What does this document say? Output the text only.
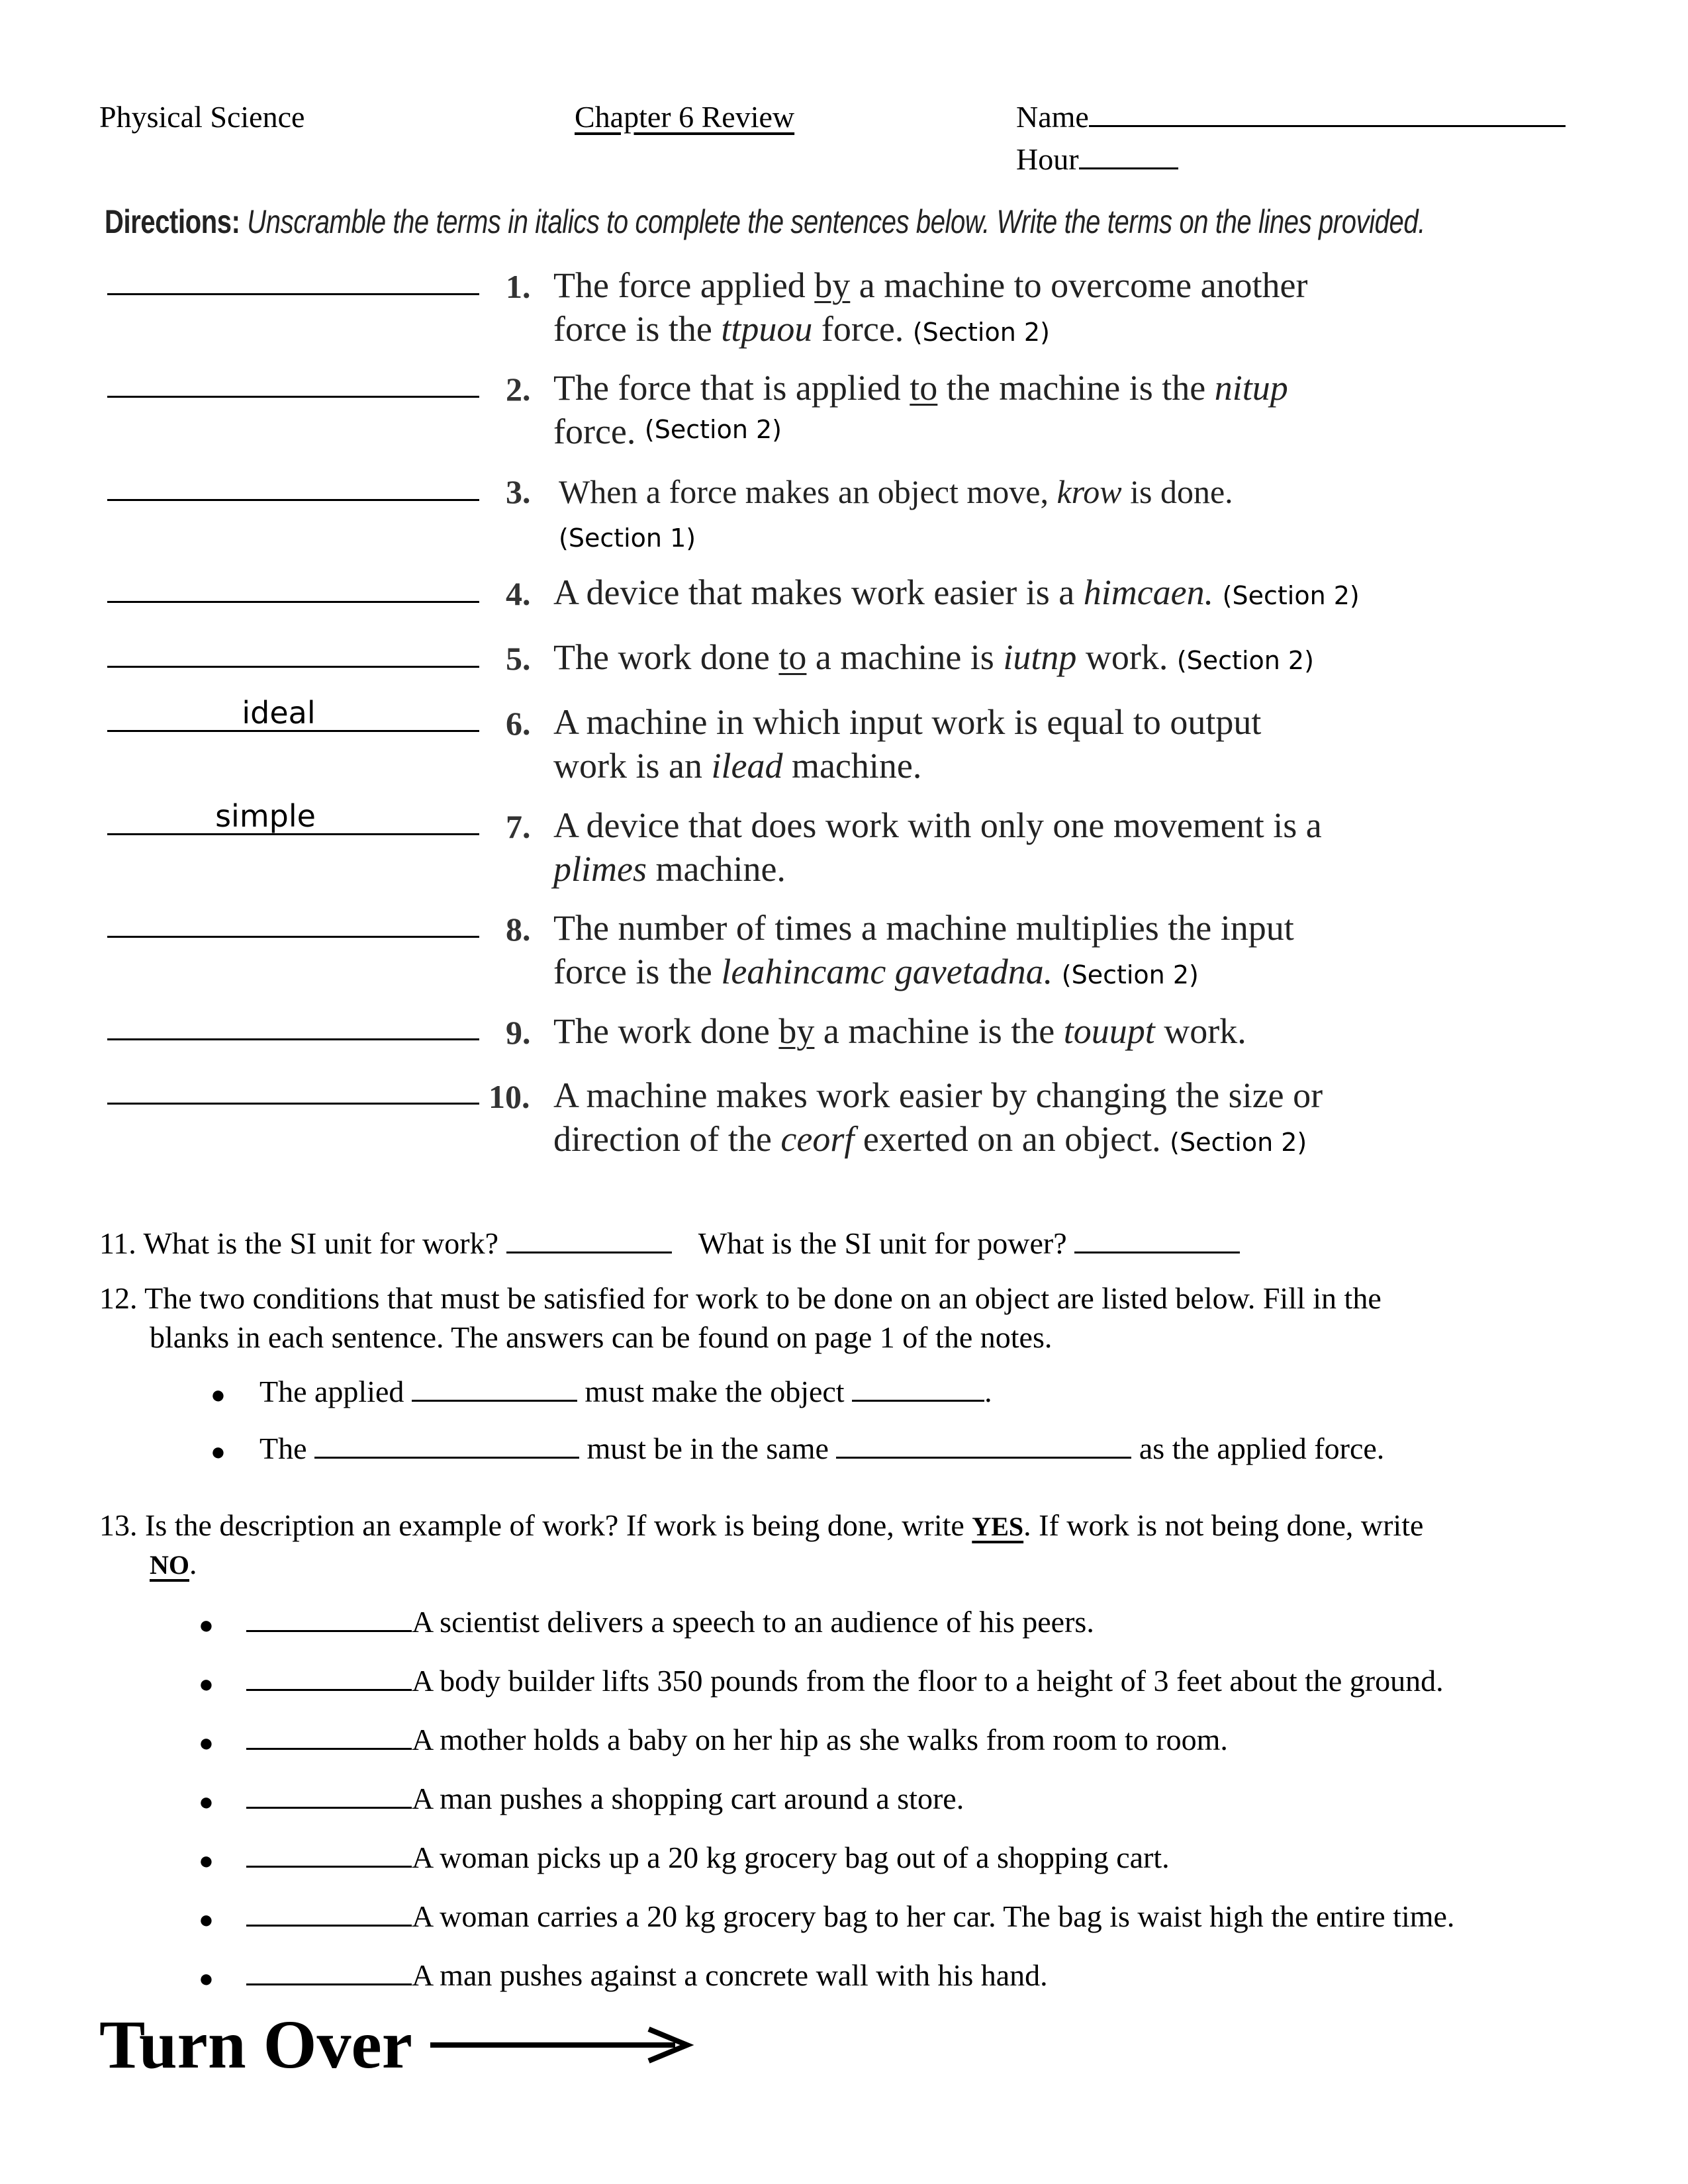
Physical Science	Chapter 6 Review	Name
Hour
Directions: Unscramble the terms in italics to complete the sentences below. Write the terms on the lines provided.
ideal
simple
1. The force applied by a machine to overcome another
force is the ttpuou force. (Section 2)
2. The force that is applied to the machine is the nitup
force. (Section 2)
3. When a force makes an object move, krow is done.
(Section 1)
4. A device that makes work easier is a himcaen. (Section 2)
5. The work done to a machine is iutnp work. (Section 2)
6. A machine in which input work is equal to output
work is an ilead machine.
7. A device that does work with only one movement is a
plimes machine.
8. The number of times a machine multiplies the input
force is the leahincamc gavetadna. (Section 2)
9. The work done by a machine is the touupt work.
10. A machine makes work easier by changing the size or
direction of the ceorf exerted on an object. (Section 2)
11. What is the SI unit for work?	What is the SI unit for power?
12. The two conditions that must be satisfied for work to be done on an object are listed below. Fill in the
blanks in each sentence. The answers can be found on page 1 of the notes.
● The applied	must make the object	.
● The	must be in the same	as the applied force.
13. Is the description an example of work? If work is being done, write YES. If work is not being done, write
NO.
●	A scientist delivers a speech to an audience of his peers.
●	A body builder lifts 350 pounds from the floor to a height of 3 feet about the ground.
●	A mother holds a baby on her hip as she walks from room to room.
●	A man pushes a shopping cart around a store.
●	A woman picks up a 20 kg grocery bag out of a shopping cart.
●	A woman carries a 20 kg grocery bag to her car. The bag is waist high the entire time.
●	A man pushes against a concrete wall with his hand.
Turn Over
